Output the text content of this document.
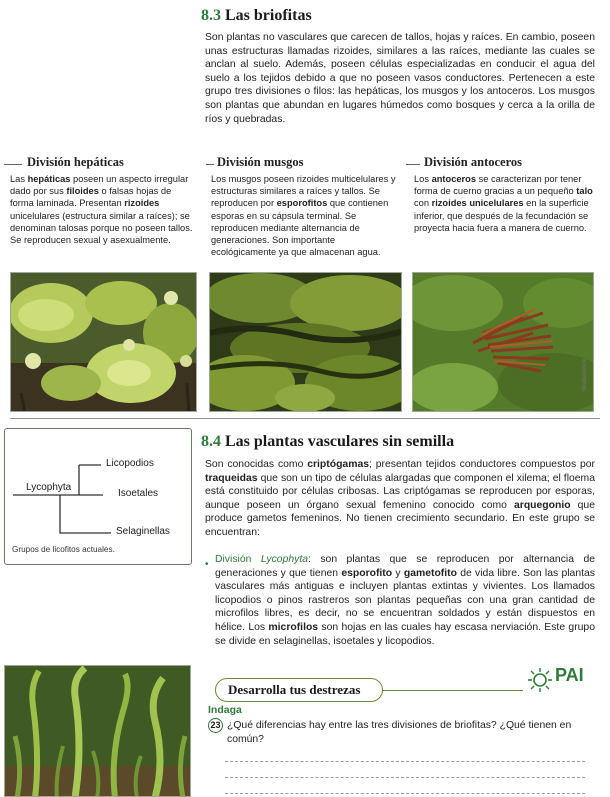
8.3 Las briofitas

Son plantas no vasculares que carecen de tallos, hojas y raíces. En cambio, poseen unas estructuras llamadas rizoides, similares a las raíces, mediante las cuales se anclan al suelo. Además, poseen células especializadas en conducir el agua del suelo a los tejidos debido a que no poseen vasos conductores. Pertenecen a este grupo tres divisiones o filos: las hepáticas, los musgos y los antoceros. Los musgos son plantas que abundan en lugares húmedos como bosques y cerca a la orilla de ríos y quebradas.

División hepáticas	División musgos	División antoceros

Las hepáticas poseen un aspecto irregular dado por sus filoides o falsas hojas de forma laminada. Presentan rizoides unicelulares (estructura similar a raíces); se denominan talosas porque no poseen tallos. Se reproducen sexual y asexualmente.

Los musgos poseen rizoides multicelulares y estructuras similares a raíces y tallos. Se reproducen por esporofitos que contienen esporas en su cápsula terminal. Se reproducen mediante alternancia de generaciones. Son importante ecológicamente ya que almacenan agua.

Los antoceros se caracterizan por tener forma de cuerno gracias a un pequeño talo con rizoides unicelulares en la superficie inferior, que después de la fecundación se proyecta hacia fuera a manera de cuerno.

Shutterstock
Lycophyta
Licopodios
Isoetales
Selaginellas
Grupos de licofitos actuales.
8.4 Las plantas vasculares sin semilla

Son conocidas como criptógamas; presentan tejidos conductores compuestos por traqueidas que son un tipo de células alargadas que componen el xilema; el floema está constituido por células cribosas. Las criptógamas se reproducen por esporas, aunque poseen un órgano sexual femenino conocido como arquegonio que produce gametos femeninos. No tienen crecimiento secundario. En este grupo se encuentran:

• División Lycophyta: son plantas que se reproducen por alternancia de generaciones y que tienen esporofito y gametofito de vida libre. Son las plantas vasculares más antiguas e incluyen plantas extintas y vivientes. Los llamados licopodios o pinos rastreros son plantas pequeñas con una gran cantidad de microfilos libres, es decir, no se encuentran soldados y están dispuestos en hélice. Los microfilos son hojas en las cuales hay escasa nerviación. Este grupo se divide en selaginellas, isoetales y licopodios.

Desarrolla tus destrezas
Indaga
23 ¿Qué diferencias hay entre las tres divisiones de briofitas? ¿Qué tienen en común?

PAI
